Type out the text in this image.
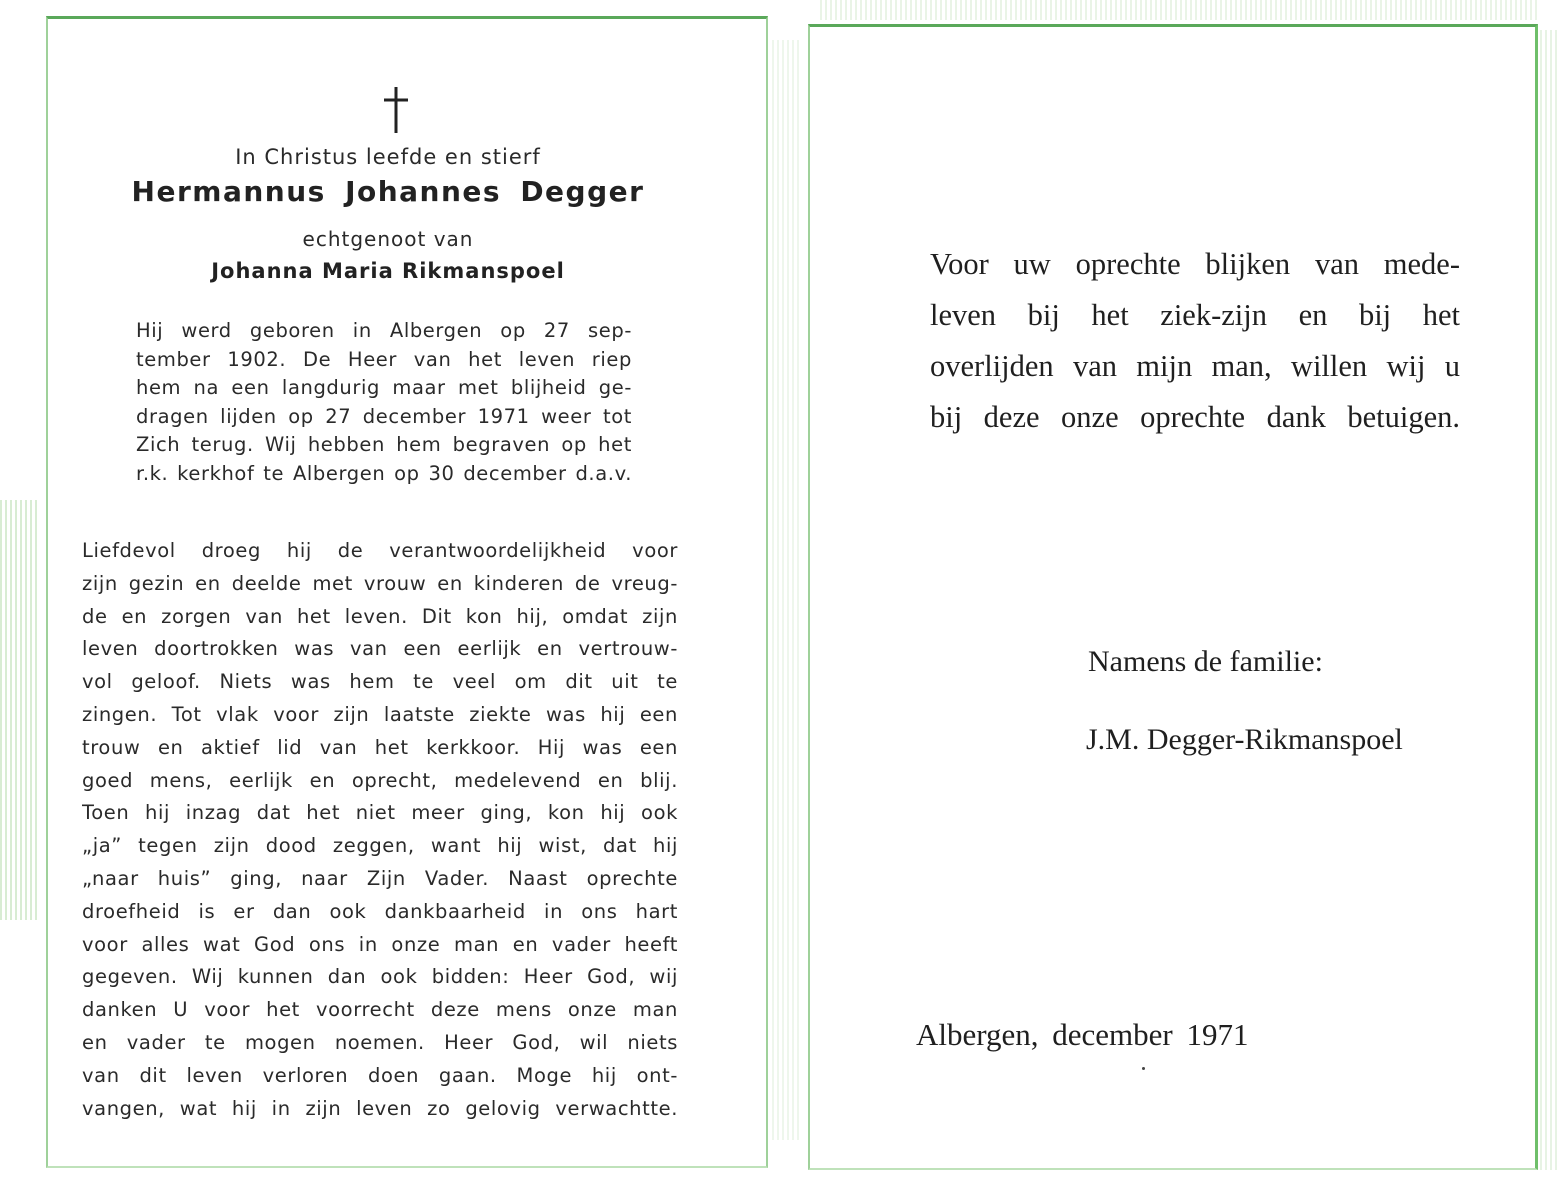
In Christus leefde en stierf

Hermannus Johannes Degger

echtgenoot van

Johanna Maria Rikmanspoel

Hij werd geboren in Albergen op 27 sep-
tember 1902. De Heer van het leven riep
hem na een langdurig maar met blijheid ge-
dragen lijden op 27 december 1971 weer tot
Zich terug. Wij hebben hem begraven op het
r.k. kerkhof te Albergen op 30 december d.a.v.
Liefdevol droeg hij de verantwoordelijkheid voor
zijn gezin en deelde met vrouw en kinderen de vreug-
de en zorgen van het leven. Dit kon hij, omdat zijn
leven doortrokken was van een eerlijk en vertrouw-
vol geloof. Niets was hem te veel om dit uit te
zingen. Tot vlak voor zijn laatste ziekte was hij een
trouw en aktief lid van het kerkkoor. Hij was een
goed mens, eerlijk en oprecht, medelevend en blij.
Toen hij inzag dat het niet meer ging, kon hij ook
„ja” tegen zijn dood zeggen, want hij wist, dat hij
„naar huis” ging, naar Zijn Vader. Naast oprechte
droefheid is er dan ook dankbaarheid in ons hart
voor alles wat God ons in onze man en vader heeft
gegeven. Wij kunnen dan ook bidden: Heer God, wij
danken U voor het voorrecht deze mens onze man
en vader te mogen noemen. Heer God, wil niets
van dit leven verloren doen gaan. Moge hij ont-
vangen, wat hij in zijn leven zo gelovig verwachtte.
Voor uw oprechte blijken van mede-
leven bij het ziek-zijn en bij het
overlijden van mijn man, willen wij u
bij deze onze oprechte dank betuigen.

Namens de familie:

J.M. Degger-Rikmanspoel

Albergen, december 1971
